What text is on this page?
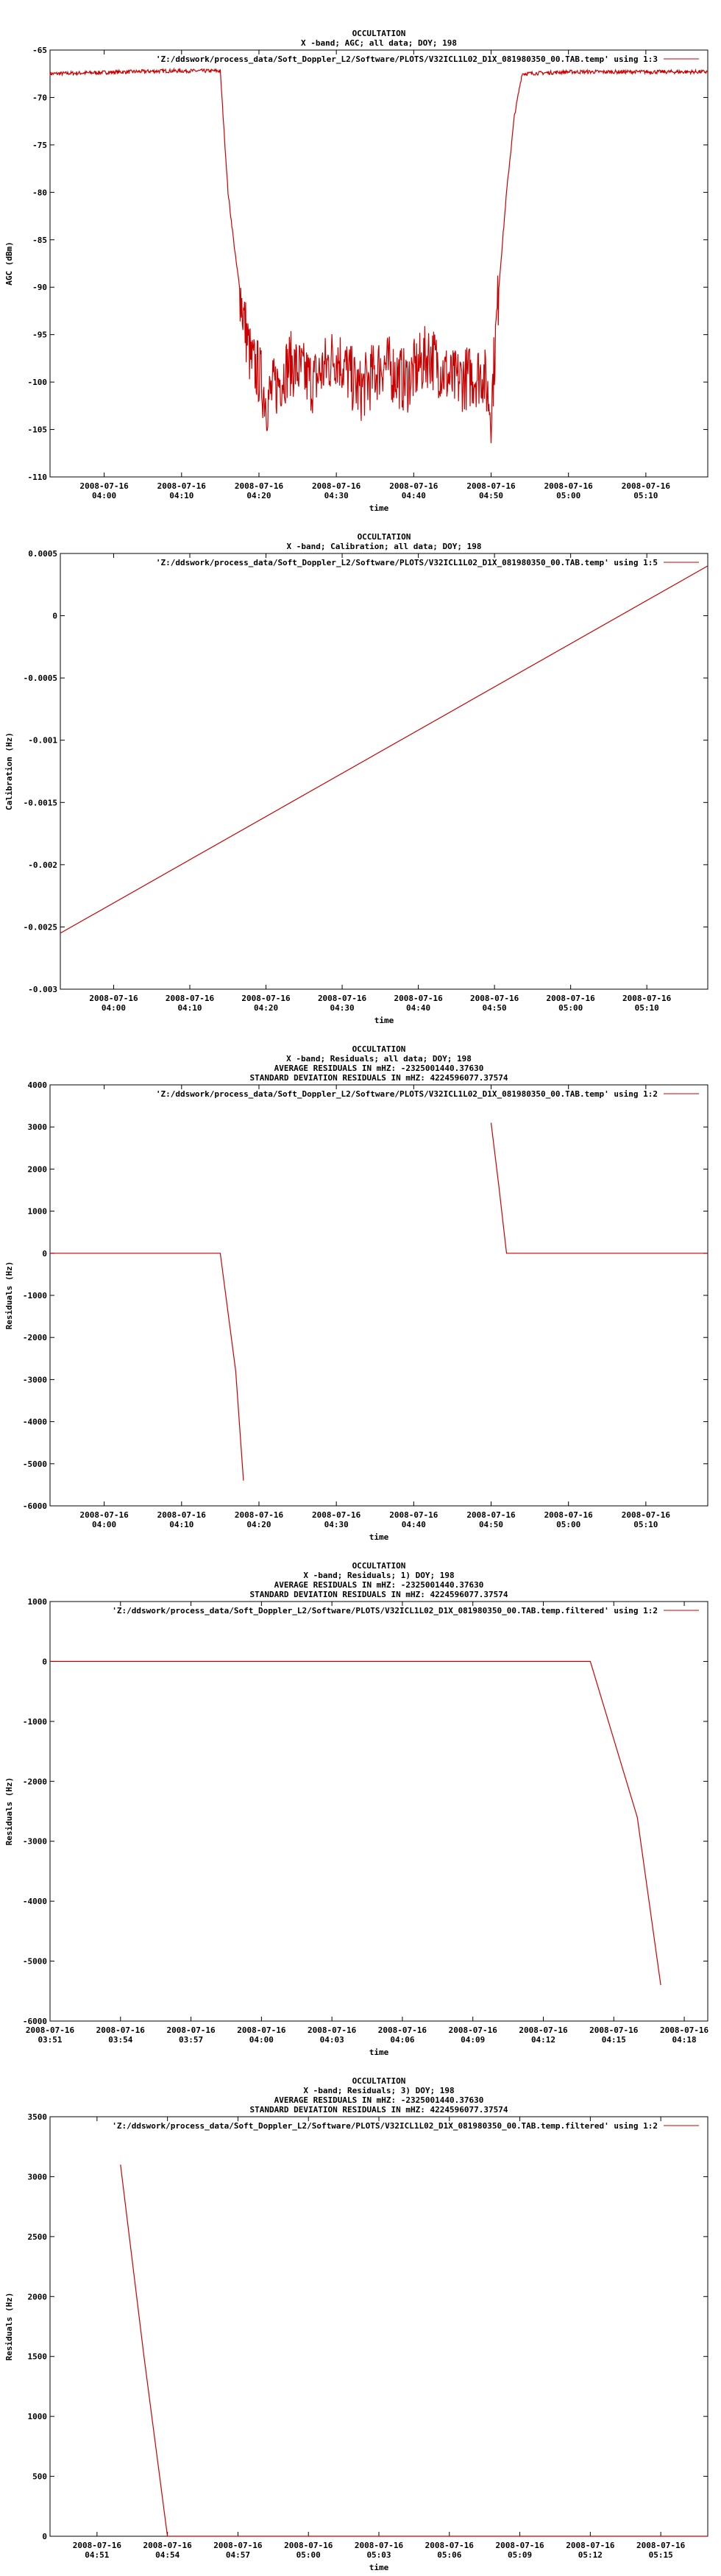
OCCULTATION
X -band; AGC; all data; DOY; 198
-65
-70
-75
-80
-85
-90
-95
-100
-105
-110
2008-07-16
04:00
2008-07-16
04:10
2008-07-16
04:20
2008-07-16
04:30
2008-07-16
04:40
2008-07-16
04:50
2008-07-16
05:00
2008-07-16
05:10
time
AGC (dBm)
'Z:/ddswork/process_data/Soft_Doppler_L2/Software/PLOTS/V32ICL1L02_D1X_081980350_00.TAB.temp' using 1:3
OCCULTATION
X -band; Calibration; all data; DOY; 198
0.0005
0
-0.0005
-0.001
-0.0015
-0.002
-0.0025
-0.003
2008-07-16
04:00
2008-07-16
04:10
2008-07-16
04:20
2008-07-16
04:30
2008-07-16
04:40
2008-07-16
04:50
2008-07-16
05:00
2008-07-16
05:10
time
Calibration (Hz)
'Z:/ddswork/process_data/Soft_Doppler_L2/Software/PLOTS/V32ICL1L02_D1X_081980350_00.TAB.temp' using 1:5
OCCULTATION
X -band; Residuals; all data; DOY; 198
AVERAGE RESIDUALS IN mHZ: -2325001440.37630
STANDARD DEVIATION RESIDUALS IN mHZ: 4224596077.37574
4000
3000
2000
1000
0
-1000
-2000
-3000
-4000
-5000
-6000
2008-07-16
04:00
2008-07-16
04:10
2008-07-16
04:20
2008-07-16
04:30
2008-07-16
04:40
2008-07-16
04:50
2008-07-16
05:00
2008-07-16
05:10
time
Residuals (Hz)
'Z:/ddswork/process_data/Soft_Doppler_L2/Software/PLOTS/V32ICL1L02_D1X_081980350_00.TAB.temp' using 1:2
OCCULTATION
X -band; Residuals; 1) DOY; 198
AVERAGE RESIDUALS IN mHZ: -2325001440.37630
STANDARD DEVIATION RESIDUALS IN mHZ: 4224596077.37574
1000
0
-1000
-2000
-3000
-4000
-5000
-6000
2008-07-16
03:51
2008-07-16
03:54
2008-07-16
03:57
2008-07-16
04:00
2008-07-16
04:03
2008-07-16
04:06
2008-07-16
04:09
2008-07-16
04:12
2008-07-16
04:15
2008-07-16
04:18
time
Residuals (Hz)
'Z:/ddswork/process_data/Soft_Doppler_L2/Software/PLOTS/V32ICL1L02_D1X_081980350_00.TAB.temp.filtered' using 1:2
OCCULTATION
X -band; Residuals; 3) DOY; 198
AVERAGE RESIDUALS IN mHZ: -2325001440.37630
STANDARD DEVIATION RESIDUALS IN mHZ: 4224596077.37574
3500
3000
2500
2000
1500
1000
500
0
2008-07-16
04:51
2008-07-16
04:54
2008-07-16
04:57
2008-07-16
05:00
2008-07-16
05:03
2008-07-16
05:06
2008-07-16
05:09
2008-07-16
05:12
2008-07-16
05:15
time
Residuals (Hz)
'Z:/ddswork/process_data/Soft_Doppler_L2/Software/PLOTS/V32ICL1L02_D1X_081980350_00.TAB.temp.filtered' using 1:2
